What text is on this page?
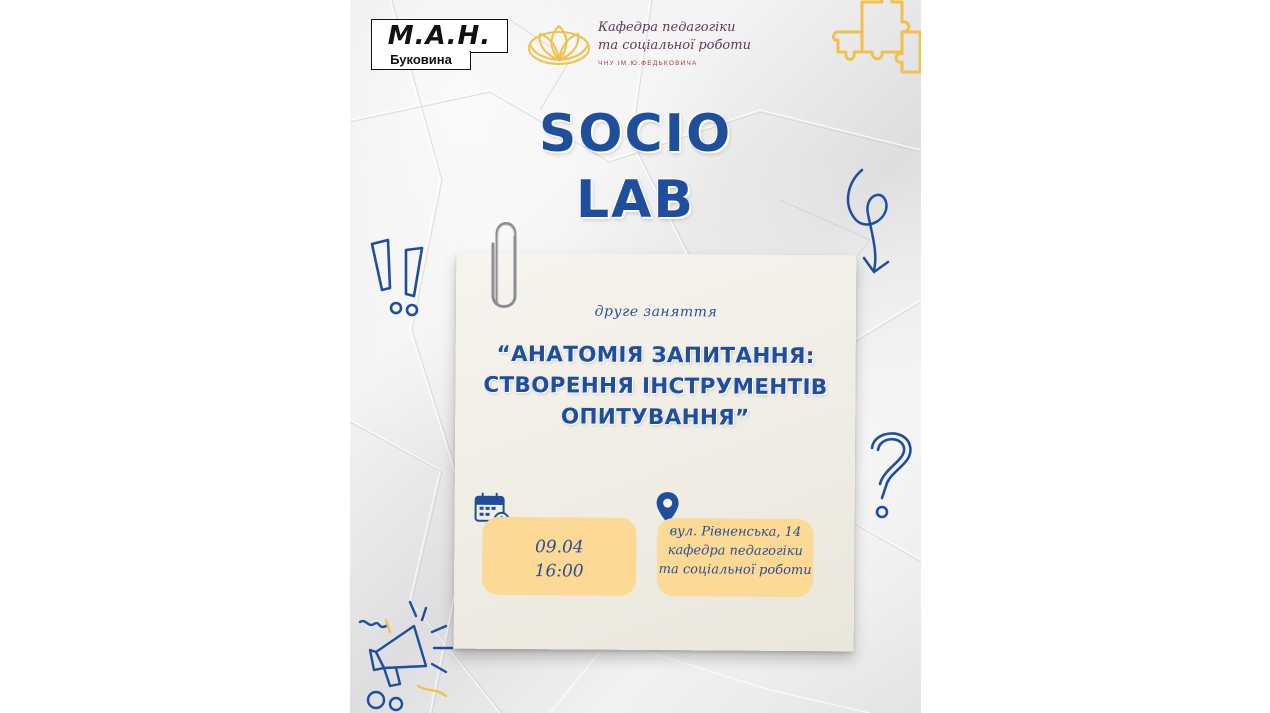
М.А.Н.
Буковина
Кафедра педагогіки
та соціальної роботи
ЧНУ ІМ.Ю.ФЕДЬКОВИЧА
SOCIO
LAB
друге заняття
“АНАТОМІЯ ЗАПИТАННЯ: СТВОРЕННЯ ІНСТРУМЕНТІВ ОПИТУВАННЯ”
09.04
16:00
вул. Рівненська, 14
кафедра педагогіки
та соціальної роботи
